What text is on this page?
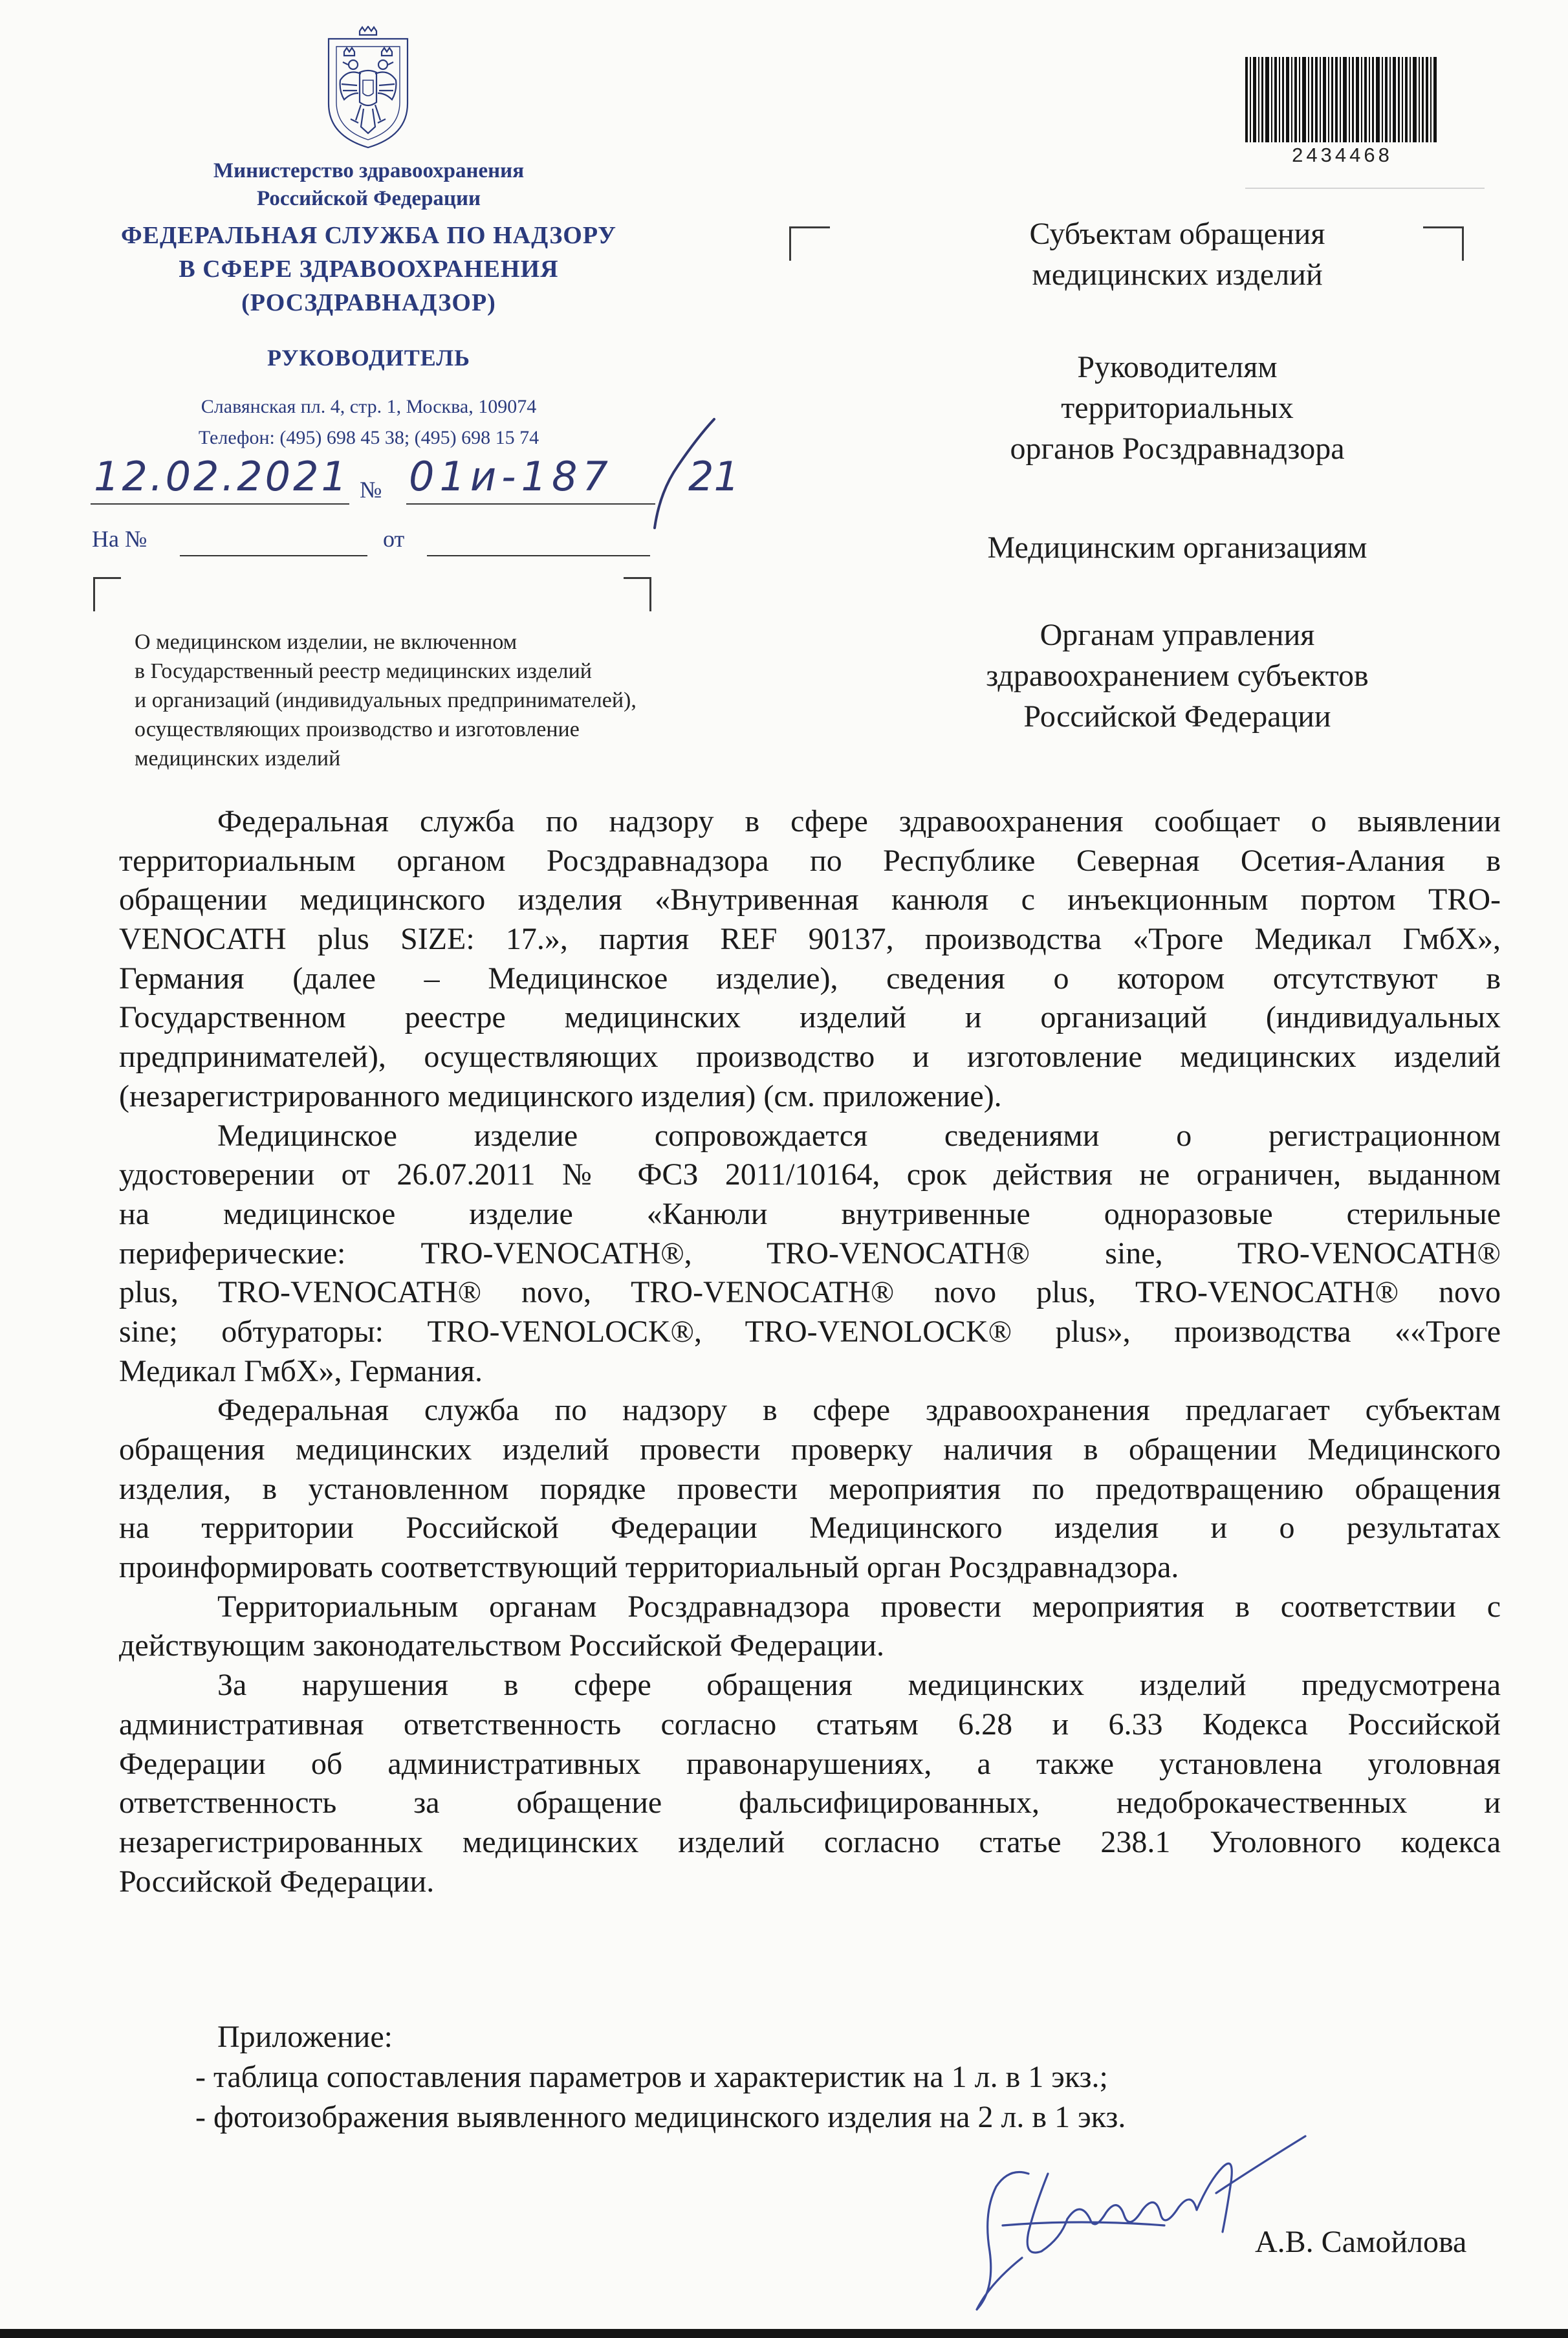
2434468
Министерство здравоохранения
Российской Федерации
ФЕДЕРАЛЬНАЯ СЛУЖБА ПО НАДЗОРУ
В СФЕРЕ ЗДРАВООХРАНЕНИЯ
(РОСЗДРАВНАДЗОР)
РУКОВОДИТЕЛЬ
Славянская пл. 4, стр. 1, Москва, 109074
Телефон: (495) 698 45 38; (495) 698 15 74
12.02.2021 № 01и-187 21
На №	от
О медицинском изделии, не включенном
в Государственный реестр медицинских изделий
и организаций (индивидуальных предпринимателей),
осуществляющих производство и изготовление
медицинских изделий
Субъектам обращения
медицинских изделий
Руководителям
территориальных
органов Росздравнадзора
Медицинским организациям
Органам управления
здравоохранением субъектов
Российской Федерации
Федеральная служба по надзору в сфере здравоохранения сообщает о выявлении
территориальным органом Росздравнадзора по Республике Северная Осетия-Алания в
обращении медицинского изделия «Внутривенная канюля с инъекционным портом TRO-
VENOCATH plus SIZE: 17.», партия REF 90137, производства «Троге Медикал ГмбХ»,
Германия (далее – Медицинское изделие), сведения о котором отсутствуют в
Государственном реестре медицинских изделий и организаций (индивидуальных
предпринимателей), осуществляющих производство и изготовление медицинских изделий
(незарегистрированного медицинского изделия) (см. приложение).
Медицинское изделие сопровождается сведениями о регистрационном
удостоверении от 26.07.2011 № ФСЗ 2011/10164, срок действия не ограничен, выданном
на медицинское изделие «Канюли внутривенные одноразовые стерильные
периферические: TRO-VENOCATH®, TRO-VENOCATH® sine, TRO-VENOCATH®
plus, TRO-VENOCATH® novo, TRO-VENOCATH® novo plus, TRO-VENOCATH® novo
sine; обтураторы: TRO-VENOLOCK®, TRO-VENOLOCK® plus», производства ««Троге
Медикал ГмбХ», Германия.
Федеральная служба по надзору в сфере здравоохранения предлагает субъектам
обращения медицинских изделий провести проверку наличия в обращении Медицинского
изделия, в установленном порядке провести мероприятия по предотвращению обращения
на территории Российской Федерации Медицинского изделия и о результатах
проинформировать соответствующий территориальный орган Росздравнадзора.
Территориальным органам Росздравнадзора провести мероприятия в соответствии с
действующим законодательством Российской Федерации.
За нарушения в сфере обращения медицинских изделий предусмотрена
административная ответственность согласно статьям 6.28 и 6.33 Кодекса Российской
Федерации об административных правонарушениях, а также установлена уголовная
ответственность за обращение фальсифицированных, недоброкачественных и
незарегистрированных медицинских изделий согласно статье 238.1 Уголовного кодекса
Российской Федерации.
Приложение:
- таблица сопоставления параметров и характеристик на 1 л. в 1 экз.;
- фотоизображения выявленного медицинского изделия на 2 л. в 1 экз.
А.В. Самойлова
